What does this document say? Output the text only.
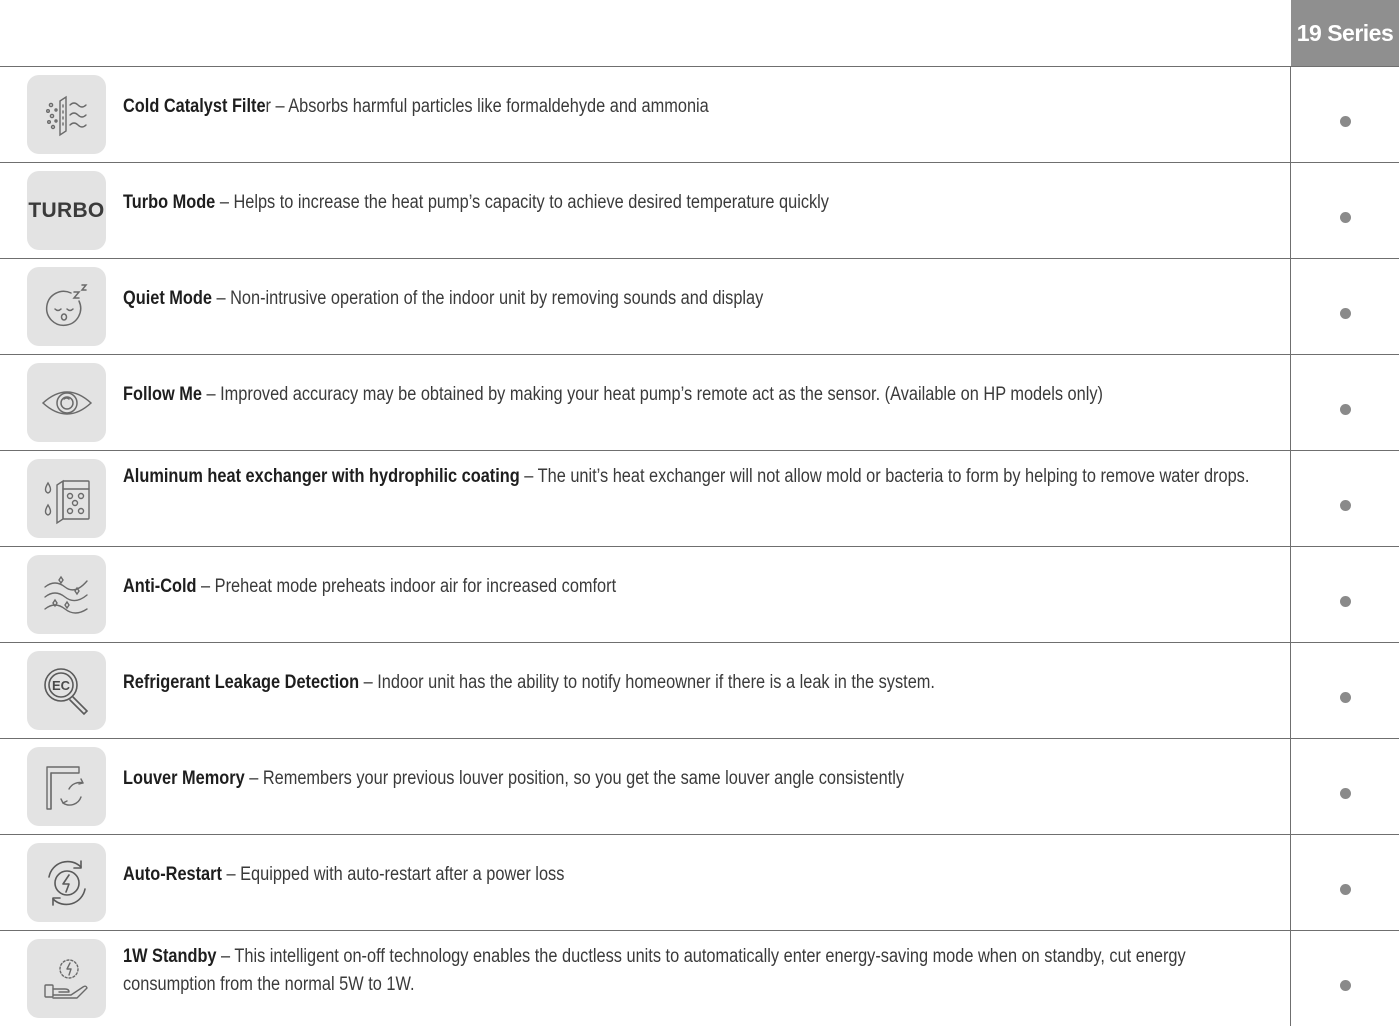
19 Series
Cold Catalyst Filter – Absorbs harmful particles like formaldehyde and ammonia
TURBO Turbo Mode – Helps to increase the heat pump’s capacity to achieve desired temperature quickly
Quiet Mode – Non-intrusive operation of the indoor unit by removing sounds and display
Follow Me – Improved accuracy may be obtained by making your heat pump’s remote act as the sensor. (Available on HP models only)
Aluminum heat exchanger with hydrophilic coating – The unit’s heat exchanger will not allow mold or bacteria to form by helping to remove water drops.
Anti-Cold – Preheat mode preheats indoor air for increased comfort
EC	Refrigerant Leakage Detection – Indoor unit has the ability to notify homeowner if there is a leak in the system.
Louver Memory – Remembers your previous louver position, so you get the same louver angle consistently
Auto-Restart – Equipped with auto-restart after a power loss
1W Standby – This intelligent on-off technology enables the ductless units to automatically enter energy-saving mode when on standby, cut energy consumption from the normal 5W to 1W.
